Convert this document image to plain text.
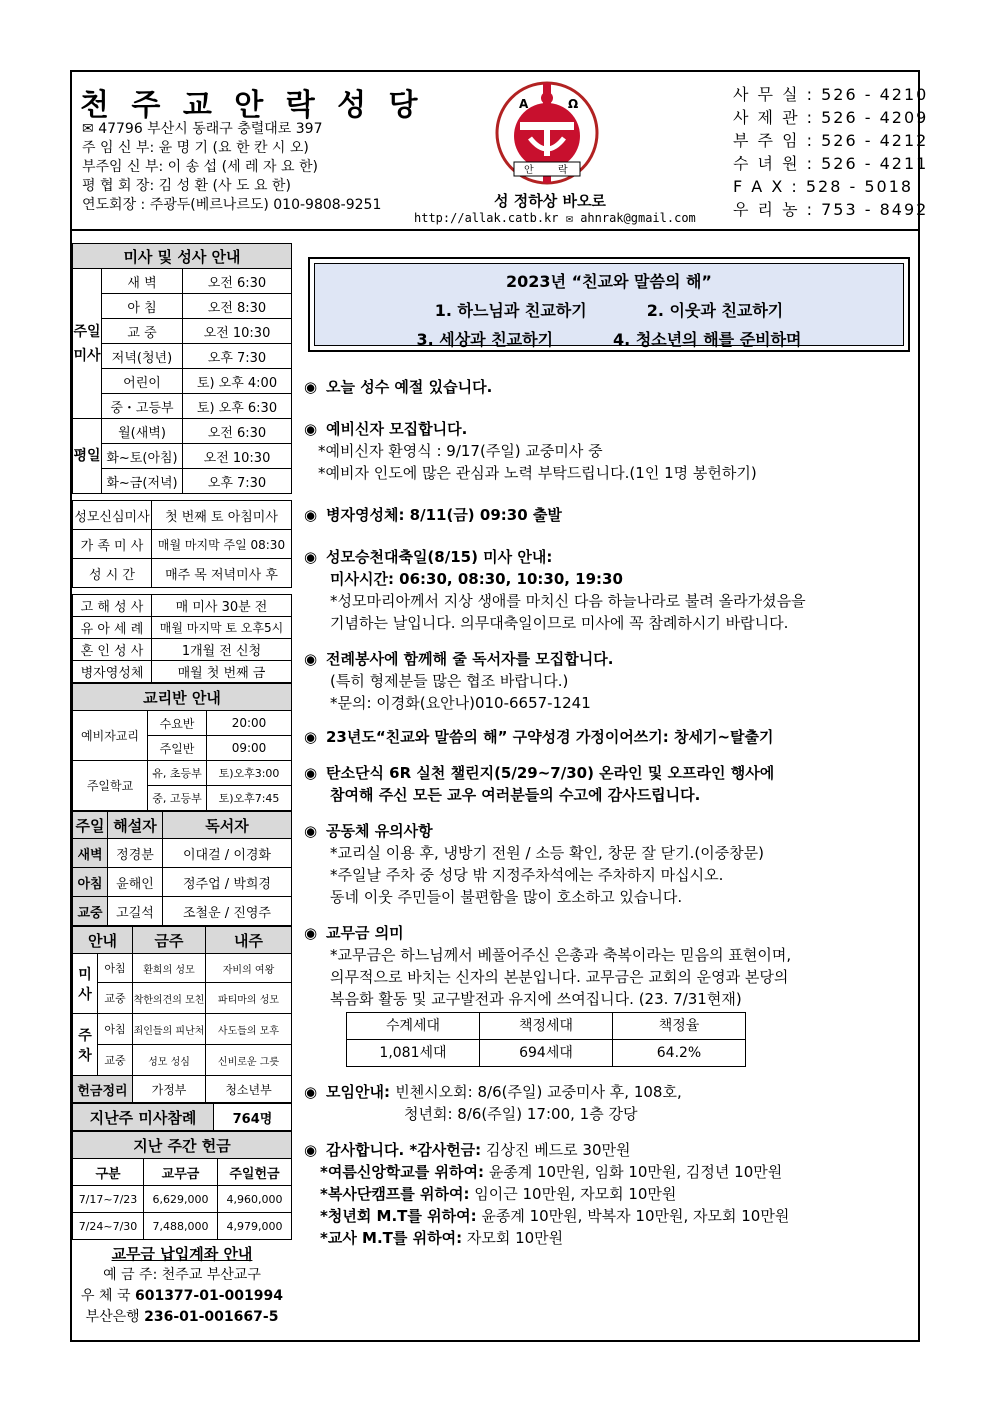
천 주 교 안 락 성 당
✉ 47796 부산시 동래구 충렬대로 397
주 임 신 부: 윤 명 기 (요 한 칸 시 오)
부주임 신 부: 이 송 섭 (세 레 자 요 한)
평 협 회 장: 김 성 환 (사 도 요 한)
연도회장 : 주광두(베르나르도) 010-9808-9251
A	Ω
안 락
성 정하상 바오로
http://allak.catb.kr ✉ ahnrak@gmail.com
사 무 실 : 526 - 4210
사 제 관 : 526 - 4209
부 주 임 : 526 - 4212
수 녀 원 : 526 - 4211
F A X : 528 - 5018
우 리 농 : 753 - 8492
미사 및 성사 안내		
주일미사	새 벽	오전 6:30
	아 침	오전 8:30
	교 중	오전 10:30
	저녁(청년)	오후 7:30
	어린이	토) 오후 4:00
	중・고등부	토) 오후 6:30
평일	월(새벽)	오전 6:30
	화~토(아침)	오전 10:30
	화~금(저녁)	오후 7:30
성모신심미사	첫 번째 토 아침미사
가 족 미 사	매월 마지막 주일 08:30
성 시 간	매주 목 저녁미사 후
고 해 성 사	매 미사 30분 전
유 아 세 례	매월 마지막 토 오후5시
혼 인 성 사	1개월 전 신청
병자영성체	매월 첫 번째 금
교리반 안내		
예비자교리	수요반	20:00
	주일반	09:00
주일학교	유, 초등부	토)오후3:00
	중, 고등부	토)오후7:45
주일	해설자	독서자
새벽	정경분	이대걸 / 이경화
아침	윤해인	정주업 / 박희경
교중	고길석	조철운 / 진영주
안내		금주	내주
미사	아침	환희의 성모	자비의 여왕
	교중	착한의견의 모친	파티마의 성모
주차	아침	죄인들의 피난처	사도들의 모후
	교중	성모 성심	신비로운 그릇
헌금정리		가정부	청소년부
지난주 미사참례	764명
지난 주간 헌금		
구분	교무금	주일헌금
7/17~7/23	6,629,000	4,960,000
7/24~7/30	7,488,000	4,979,000
교무금 납입계좌 안내
예 금 주: 천주교 부산교구
우 체 국 601377-01-001994
부산은행 236-01-001667-5
2023년 “친교와 말씀의 해”
1. 하느님과 친교하기	2. 이웃과 친교하기
3. 세상과 친교하기	4. 청소년의 해를 준비하며
◉ 오늘 성수 예절 있습니다.
◉ 예비신자 모집합니다.
*예비신자 환영식 : 9/17(주일) 교중미사 중
*예비자 인도에 많은 관심과 노력 부탁드립니다.(1인 1명 봉헌하기)
◉ 병자영성체: 8/11(금) 09:30 출발
◉ 성모승천대축일(8/15) 미사 안내:
미사시간: 06:30, 08:30, 10:30, 19:30
*성모마리아께서 지상 생애를 마치신 다음 하늘나라로 불려 올라가셨음을
기념하는 날입니다. 의무대축일이므로 미사에 꼭 참례하시기 바랍니다.
◉ 전례봉사에 함께해 줄 독서자를 모집합니다.
(특히 형제분들 많은 협조 바랍니다.)
*문의: 이경화(요안나)010-6657-1241
◉ 23년도“친교와 말씀의 해” 구약성경 가정이어쓰기: 창세기~탈출기
◉ 탄소단식 6R 실천 챌린지(5/29~7/30) 온라인 및 오프라인 행사에
참여해 주신 모든 교우 여러분들의 수고에 감사드립니다.
◉ 공동체 유의사항
*교리실 이용 후, 냉방기 전원 / 소등 확인, 창문 잘 닫기.(이중창문)
*주일날 주차 중 성당 밖 지정주차석에는 주차하지 마십시오.
동네 이웃 주민들이 불편함을 많이 호소하고 있습니다.
◉ 교무금 의미
*교무금은 하느님께서 베풀어주신 은총과 축복이라는 믿음의 표현이며,
의무적으로 바치는 신자의 본분입니다. 교무금은 교회의 운영과 본당의
복음화 활동 및 교구발전과 유지에 쓰여집니다. (23. 7/31현재)
수계세대	책정세대	책정율
1,081세대	694세대	64.2%
◉ 모임안내: 빈첸시오회: 8/6(주일) 교중미사 후, 108호,
청년회: 8/6(주일) 17:00, 1층 강당
◉ 감사합니다. *감사헌금: 김상진 베드로 30만원
*여름신앙학교를 위하여: 윤종계 10만원, 임화 10만원, 김정년 10만원
*복사단캠프를 위하여: 임이근 10만원, 자모회 10만원
*청년회 M.T를 위하여: 윤종계 10만원, 박복자 10만원, 자모회 10만원
*교사 M.T를 위하여: 자모회 10만원
